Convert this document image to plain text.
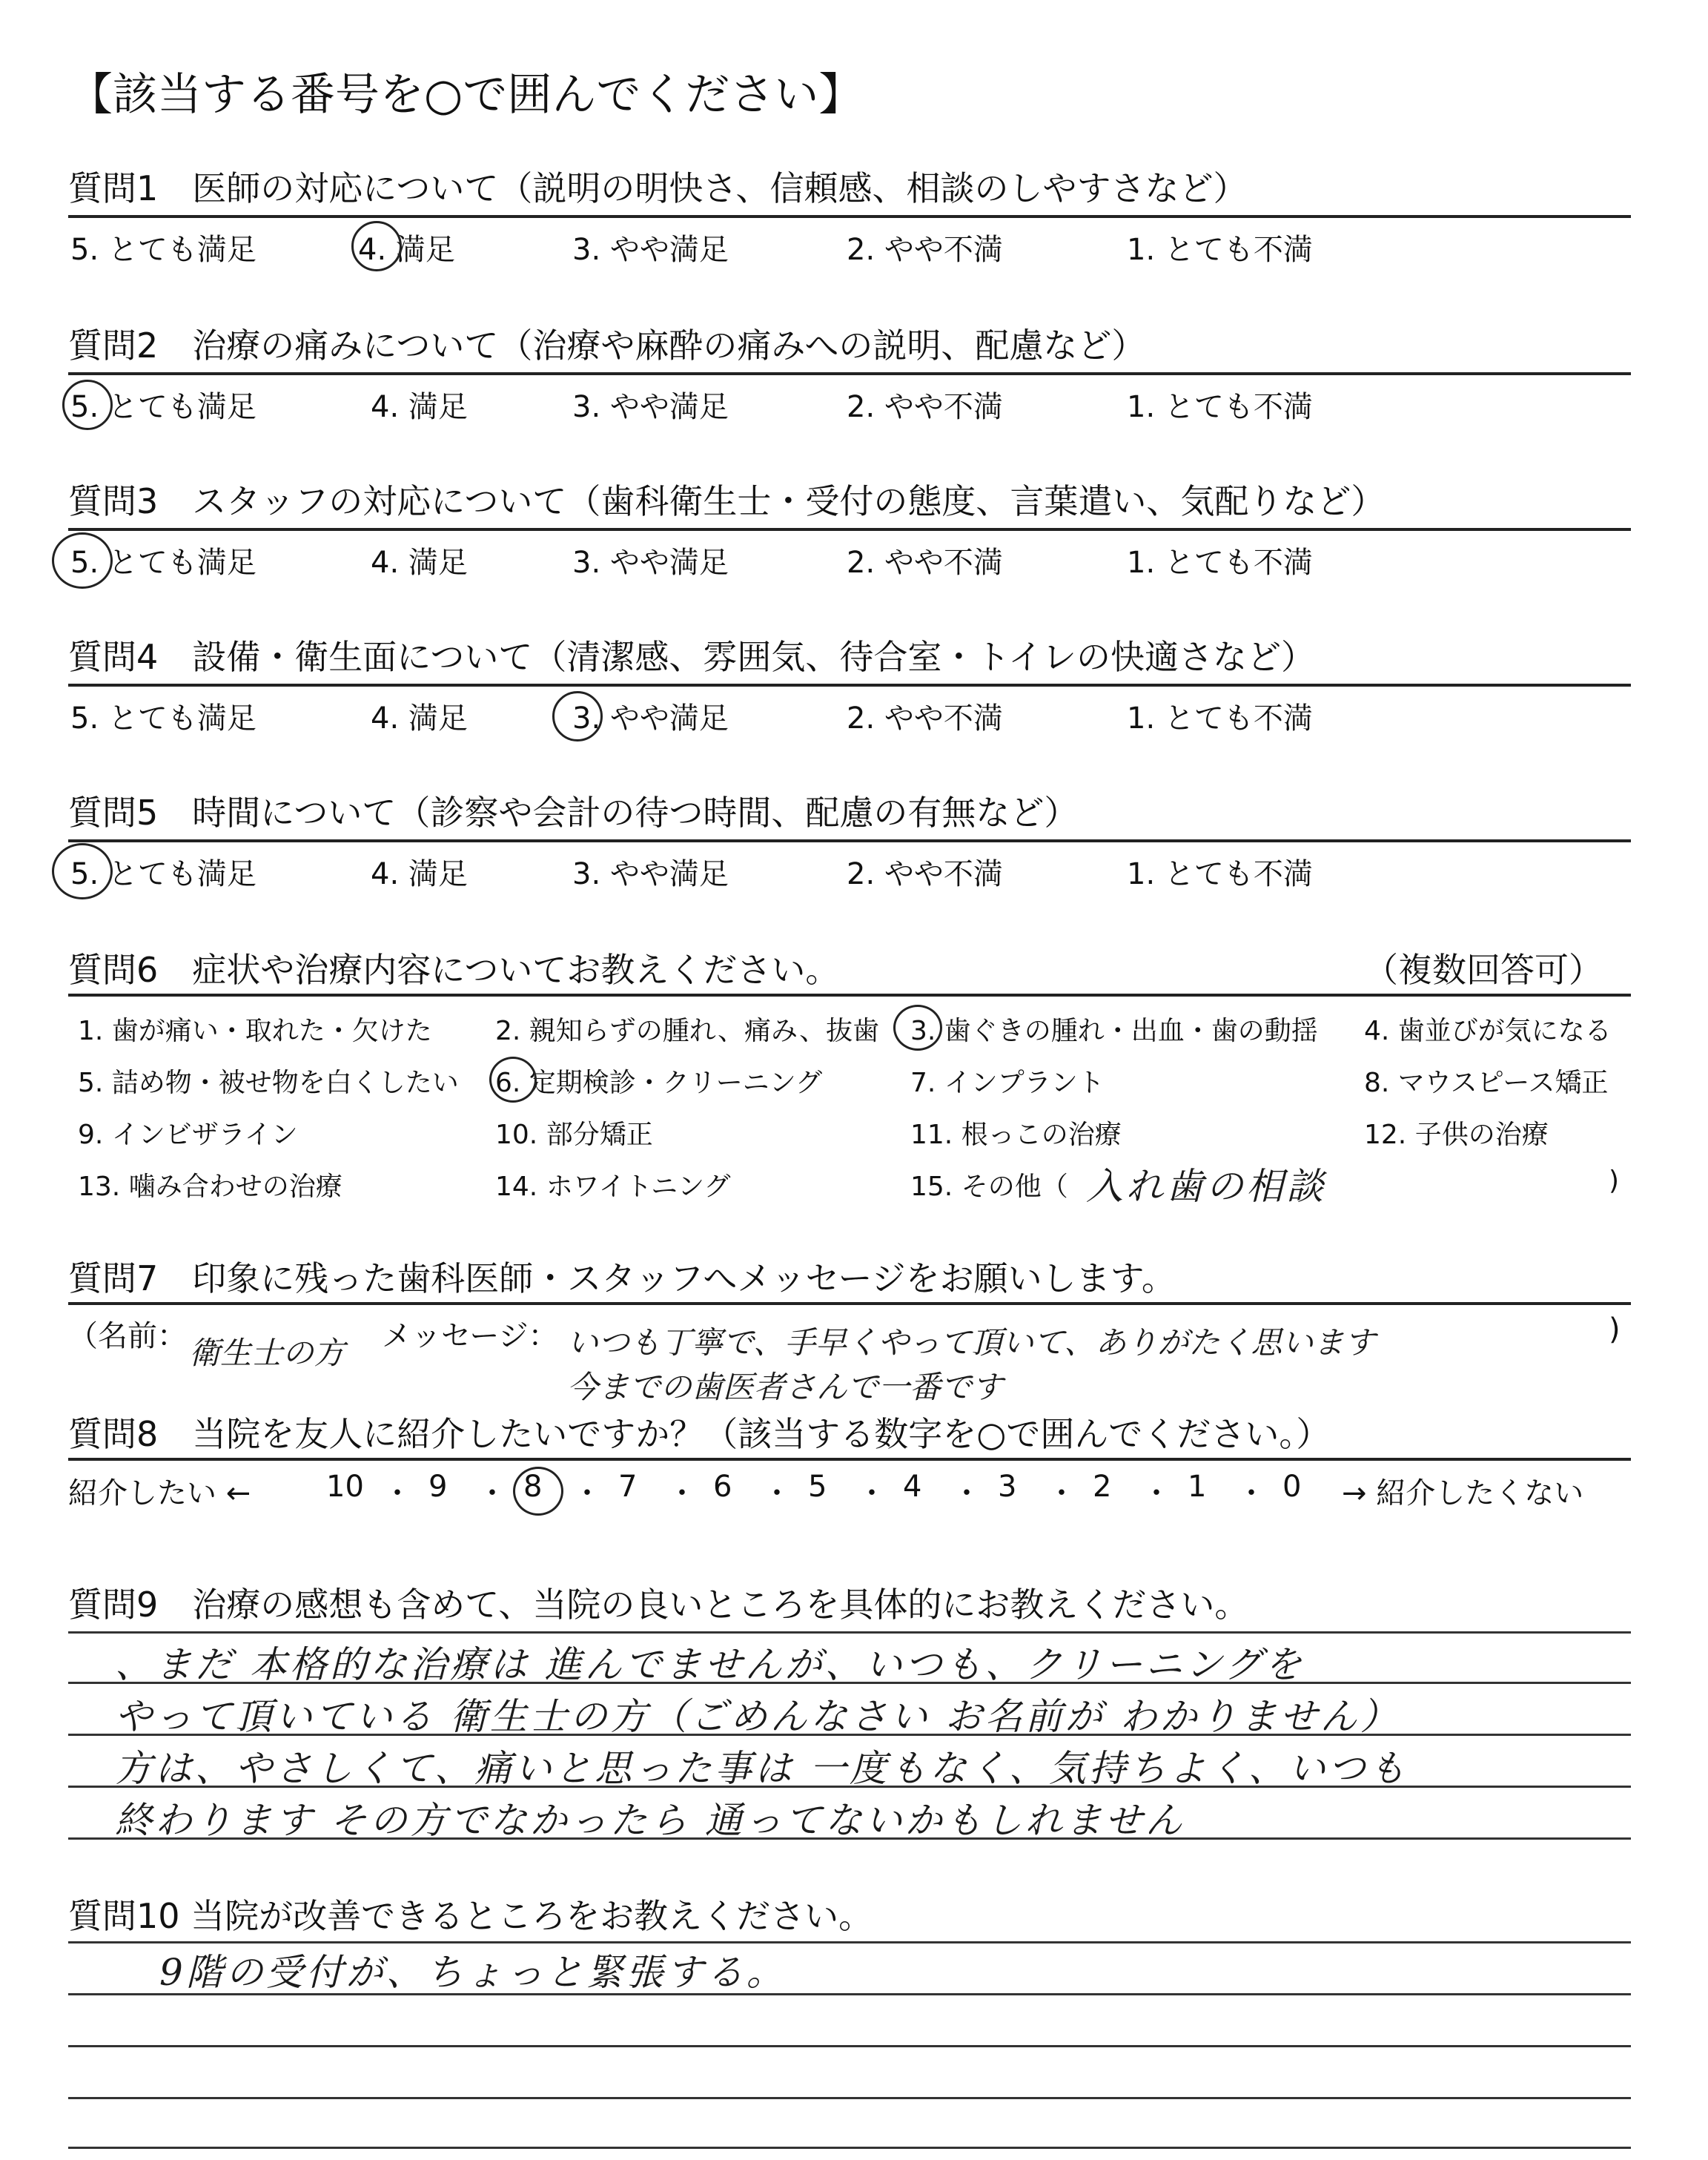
【該当する番号を○で囲んでください】
質問1　医師の対応について（説明の明快さ、信頼感、相談のしやすさなど）
5. とても満足	4. 満足	3. やや満足	2. やや不満	1. とても不満
質問2　治療の痛みについて（治療や麻酔の痛みへの説明、配慮など）
5. とても満足	4. 満足	3. やや満足	2. やや不満	1. とても不満
質問3　スタッフの対応について（歯科衛生士・受付の態度、言葉遣い、気配りなど）
5. とても満足	4. 満足	3. やや満足	2. やや不満	1. とても不満
質問4　設備・衛生面について（清潔感、雰囲気、待合室・トイレの快適さなど）
5. とても満足	4. 満足	3. やや満足	2. やや不満	1. とても不満
質問5　時間について（診察や会計の待つ時間、配慮の有無など）
5. とても満足	4. 満足	3. やや満足	2. やや不満	1. とても不満
質問6　症状や治療内容についてお教えください。	（複数回答可）
1. 歯が痛い・取れた・欠けた 2. 親知らずの腫れ、痛み、抜歯 3. 歯ぐきの腫れ・出血・歯の動揺 4. 歯並びが気になる
5. 詰め物・被せ物を白くしたい 6. 定期検診・クリーニング	7. インプラント	8. マウスピース矯正
9. インビザライン	10. 部分矯正	11. 根っこの治療	12. 子供の治療
13. 噛み合わせの治療	14. ホワイトニング	15. その他（ 入れ歯の相談	)
質問7　印象に残った歯科医師・スタッフへメッセージをお願いします。
（名前： 衛生士の方 メッセージ： いつも丁寧で、手早くやって頂いて、ありがたく思います
今までの歯医者さんで一番です
)
質問8　当院を友人に紹介したいですか？（該当する数字を○で囲んでください。）
紹介したい ←	10 ・ 9 ・ 8 ・ 7 ・ 6 ・ 5 ・ 4 ・ 3 ・ 2 ・ 1 ・ 0 → 紹介したくない
質問9　治療の感想も含めて、当院の良いところを具体的にお教えください。
、まだ 本格的な治療は 進んでませんが、いつも、クリーニングを
やって頂いている 衛生士の方（ごめんなさい お名前が わかりません）
方は、やさしくて、痛いと思った事は 一度もなく、気持ちよく、いつも
終わります その方でなかったら 通ってないかもしれません
質問10 当院が改善できるところをお教えください。
9階の受付が、ちょっと緊張する。
